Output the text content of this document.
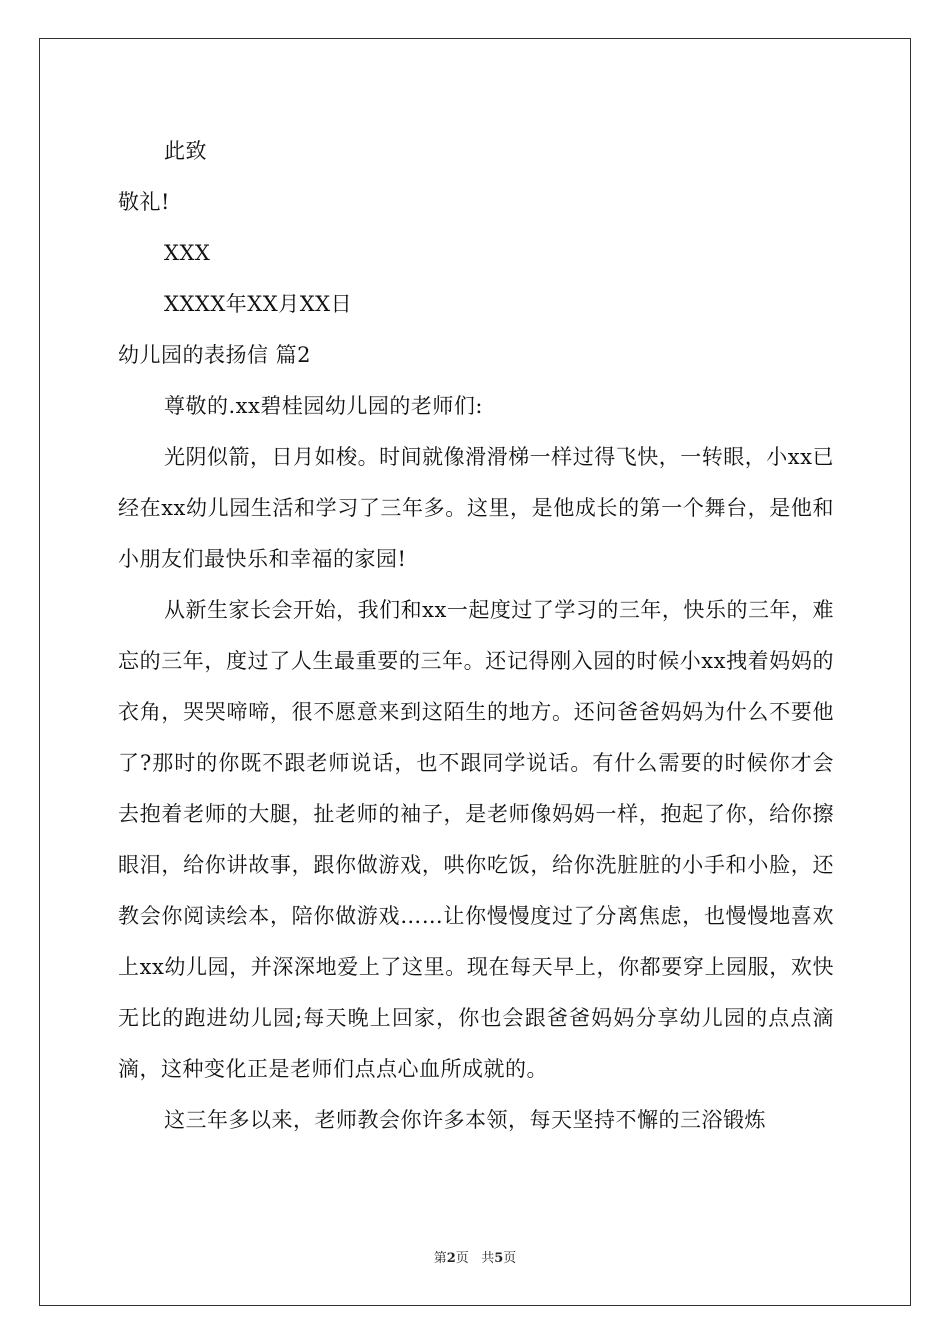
此致
敬礼!
XXX
XXXX年XX月XX日
幼儿园的表扬信 篇2
尊敬的.xx碧桂园幼儿园的老师们:

光阴似箭，日月如梭。时间就像滑滑梯一样过得飞快，一转眼，小xx已经在xx幼儿园生活和学习了三年多。这里，是他成长的第一个舞台，是他和小朋友们最快乐和幸福的家园!

从新生家长会开始，我们和xx一起度过了学习的三年，快乐的三年，难忘的三年，度过了人生最重要的三年。还记得刚入园的时候小xx拽着妈妈的衣角，哭哭啼啼，很不愿意来到这陌生的地方。还问爸爸妈妈为什么不要他了?那时的你既不跟老师说话，也不跟同学说话。有什么需要的时候你才会去抱着老师的大腿，扯老师的袖子，是老师像妈妈一样，抱起了你，给你擦眼泪，给你讲故事，跟你做游戏，哄你吃饭，给你洗脏脏的小手和小脸，还教会你阅读绘本，陪你做游戏……让你慢慢度过了分离焦虑，也慢慢地喜欢上xx幼儿园，并深深地爱上了这里。现在每天早上，你都要穿上园服，欢快无比的跑进幼儿园;每天晚上回家，你也会跟爸爸妈妈分享幼儿园的点点滴滴，这种变化正是老师们点点心血所成就的。

这三年多以来，老师教会你许多本领，每天坚持不懈的三浴锻炼

第2页   共5页
